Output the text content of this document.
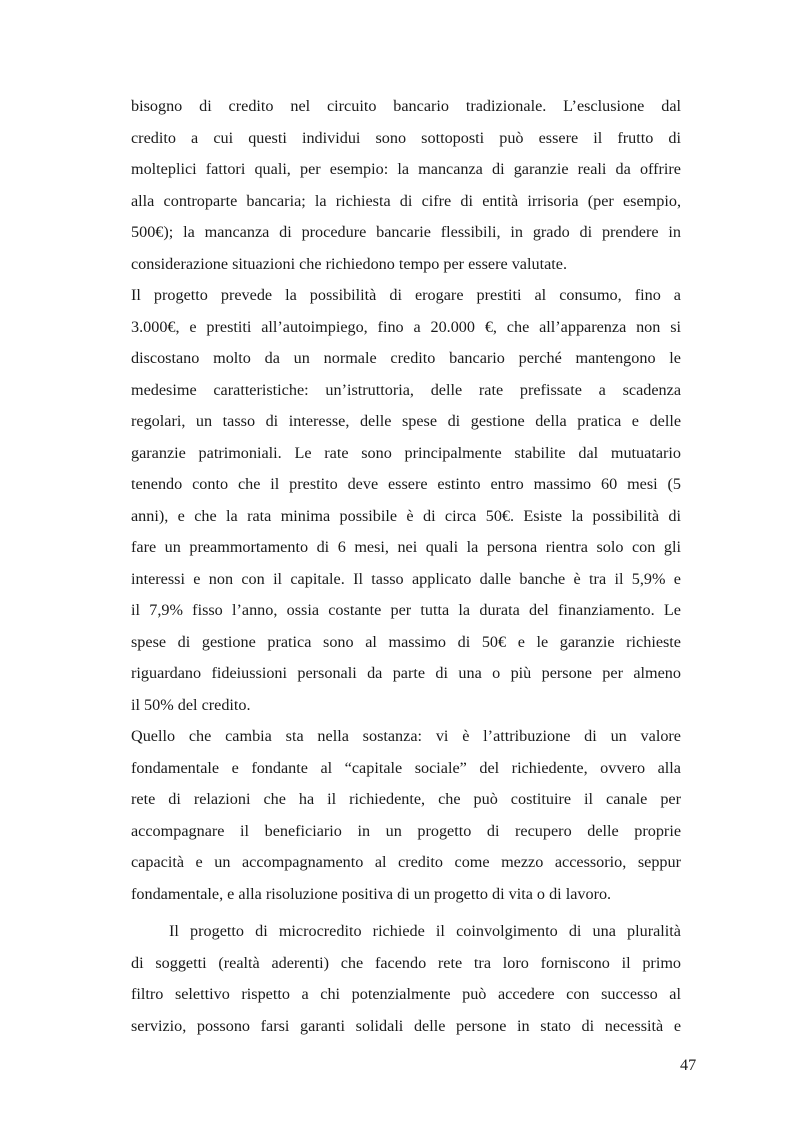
bisogno di credito nel circuito bancario tradizionale. L’esclusione dal
credito a cui questi individui sono sottoposti può essere il frutto di
molteplici fattori quali, per esempio: la mancanza di garanzie reali da offrire
alla controparte bancaria; la richiesta di cifre di entità irrisoria (per esempio,
500€); la mancanza di procedure bancarie flessibili, in grado di prendere in
considerazione situazioni che richiedono tempo per essere valutate.
Il progetto prevede la possibilità di erogare prestiti al consumo, fino a
3.000€, e prestiti all’autoimpiego, fino a 20.000 €, che all’apparenza non si
discostano molto da un normale credito bancario perché mantengono le
medesime caratteristiche: un’istruttoria, delle rate prefissate a scadenza
regolari, un tasso di interesse, delle spese di gestione della pratica e delle
garanzie patrimoniali. Le rate sono principalmente stabilite dal mutuatario
tenendo conto che il prestito deve essere estinto entro massimo 60 mesi (5
anni), e che la rata minima possibile è di circa 50€. Esiste la possibilità di
fare un preammortamento di 6 mesi, nei quali la persona rientra solo con gli
interessi e non con il capitale. Il tasso applicato dalle banche è tra il 5,9% e
il 7,9% fisso l’anno, ossia costante per tutta la durata del finanziamento. Le
spese di gestione pratica sono al massimo di 50€ e le garanzie richieste
riguardano fideiussioni personali da parte di una o più persone per almeno
il 50% del credito.
Quello che cambia sta nella sostanza: vi è l’attribuzione di un valore
fondamentale e fondante al “capitale sociale” del richiedente, ovvero alla
rete di relazioni che ha il richiedente, che può costituire il canale per
accompagnare il beneficiario in un progetto di recupero delle proprie
capacità e un accompagnamento al credito come mezzo accessorio, seppur
fondamentale, e alla risoluzione positiva di un progetto di vita o di lavoro.
Il progetto di microcredito richiede il coinvolgimento di una pluralità
di soggetti (realtà aderenti) che facendo rete tra loro forniscono il primo
filtro selettivo rispetto a chi potenzialmente può accedere con successo al
servizio, possono farsi garanti solidali delle persone in stato di necessità e
47
